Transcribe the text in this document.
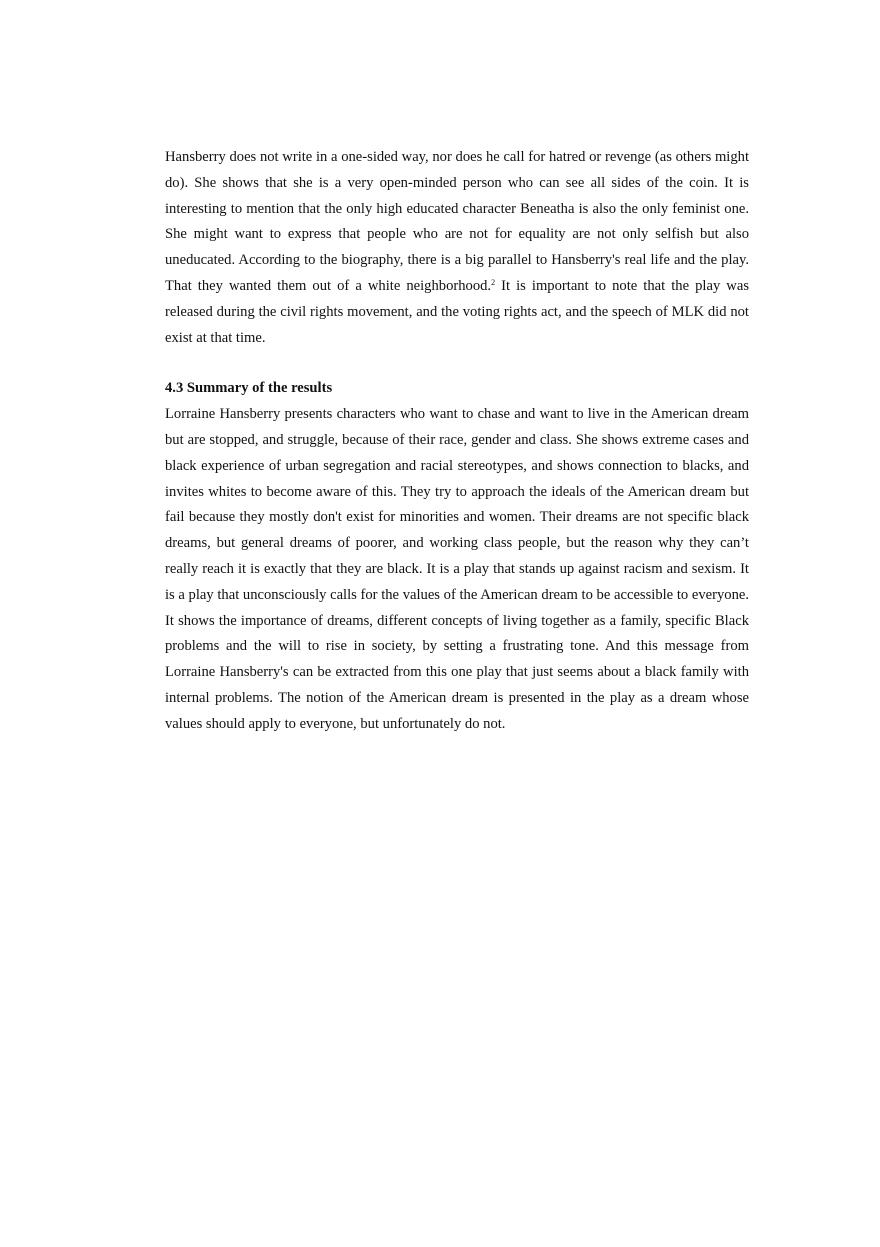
Hansberry does not write in a one-sided way, nor does he call for hatred or revenge (as others might do). She shows that she is a very open-minded person who can see all sides of the coin. It is interesting to mention that the only high educated character Beneatha is also the only feminist one. She might want to express that people who are not for equality are not only selfish but also uneducated. According to the biography, there is a big parallel to Hansberry's real life and the play. That they wanted them out of a white neighborhood.$^2$ It is important to note that the play was released during the civil rights movement, and the voting rights act, and the speech of MLK did not exist at that time.

4.3 Summary of the results

Lorraine Hansberry presents characters who want to chase and want to live in the American dream but are stopped, and struggle, because of their race, gender and class. She shows extreme cases and black experience of urban segregation and racial stereotypes, and shows connection to blacks, and invites whites to become aware of this. They try to approach the ideals of the American dream but fail because they mostly don't exist for minorities and women. Their dreams are not specific black dreams, but general dreams of poorer, and working class people, but the reason why they can’t really reach it is exactly that they are black. It is a play that stands up against racism and sexism. It is a play that unconsciously calls for the values of the American dream to be accessible to everyone. It shows the importance of dreams, different concepts of living together as a family, specific Black problems and the will to rise in society, by setting a frustrating tone. And this message from Lorraine Hansberry's can be extracted from this one play that just seems about a black family with internal problems. The notion of the American dream is presented in the play as a dream whose values should apply to everyone, but unfortunately do not.
